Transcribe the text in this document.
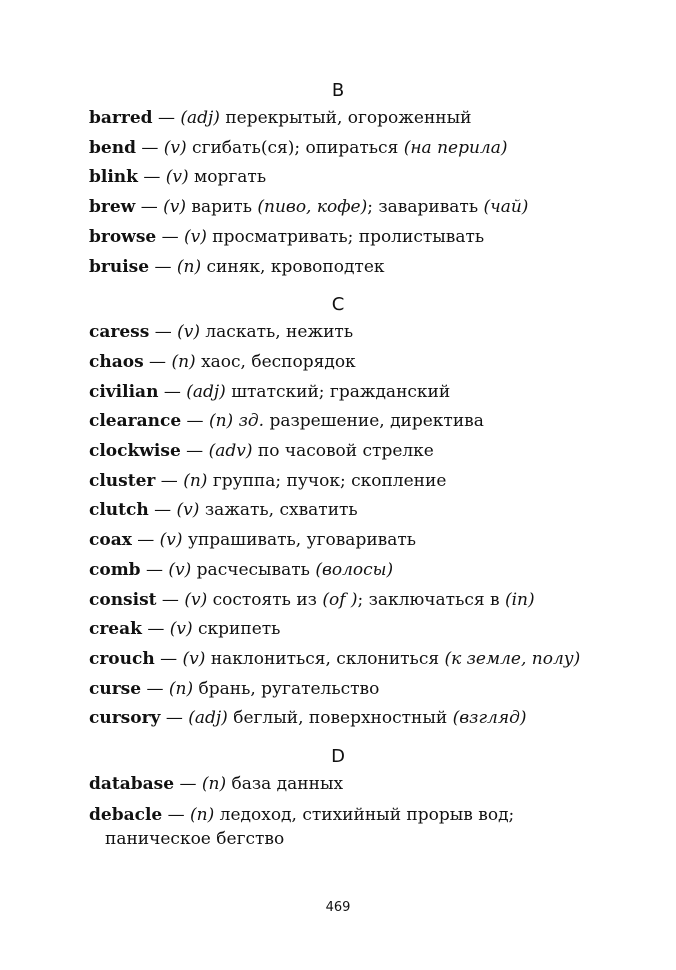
B

barred — (adj) перекрытый, огороженный

bend — (v) сгибать(ся); опираться (на перила)

blink — (v) моргать

brew — (v) варить (пиво, кофе); заваривать (чай)

browse — (v) просматривать; пролистывать

bruise — (n) синяк, кровоподтек

C

caress — (v) ласкать, нежить

chaos — (n) хаос, беспорядок

civilian — (adj) штатский; гражданский

clearance — (n) зд. разрешение, директива

clockwise — (adv) по часовой стрелке

cluster — (n) группа; пучок; скопление

clutch — (v) зажать, схватить

coax — (v) упрашивать, уговаривать

comb — (v) расчесывать (волосы)

consist — (v) состоять из (of ); заключаться в (in)

creak — (v) скрипеть

crouch — (v) наклониться, склониться (к земле, полу)

curse — (n) брань, ругательство

cursory — (adj) беглый, поверхностный (взгляд)

D

database — (n) база данных

debacle — (n) ледоход, стихийный прорыв вод;
паническое бегство

469
